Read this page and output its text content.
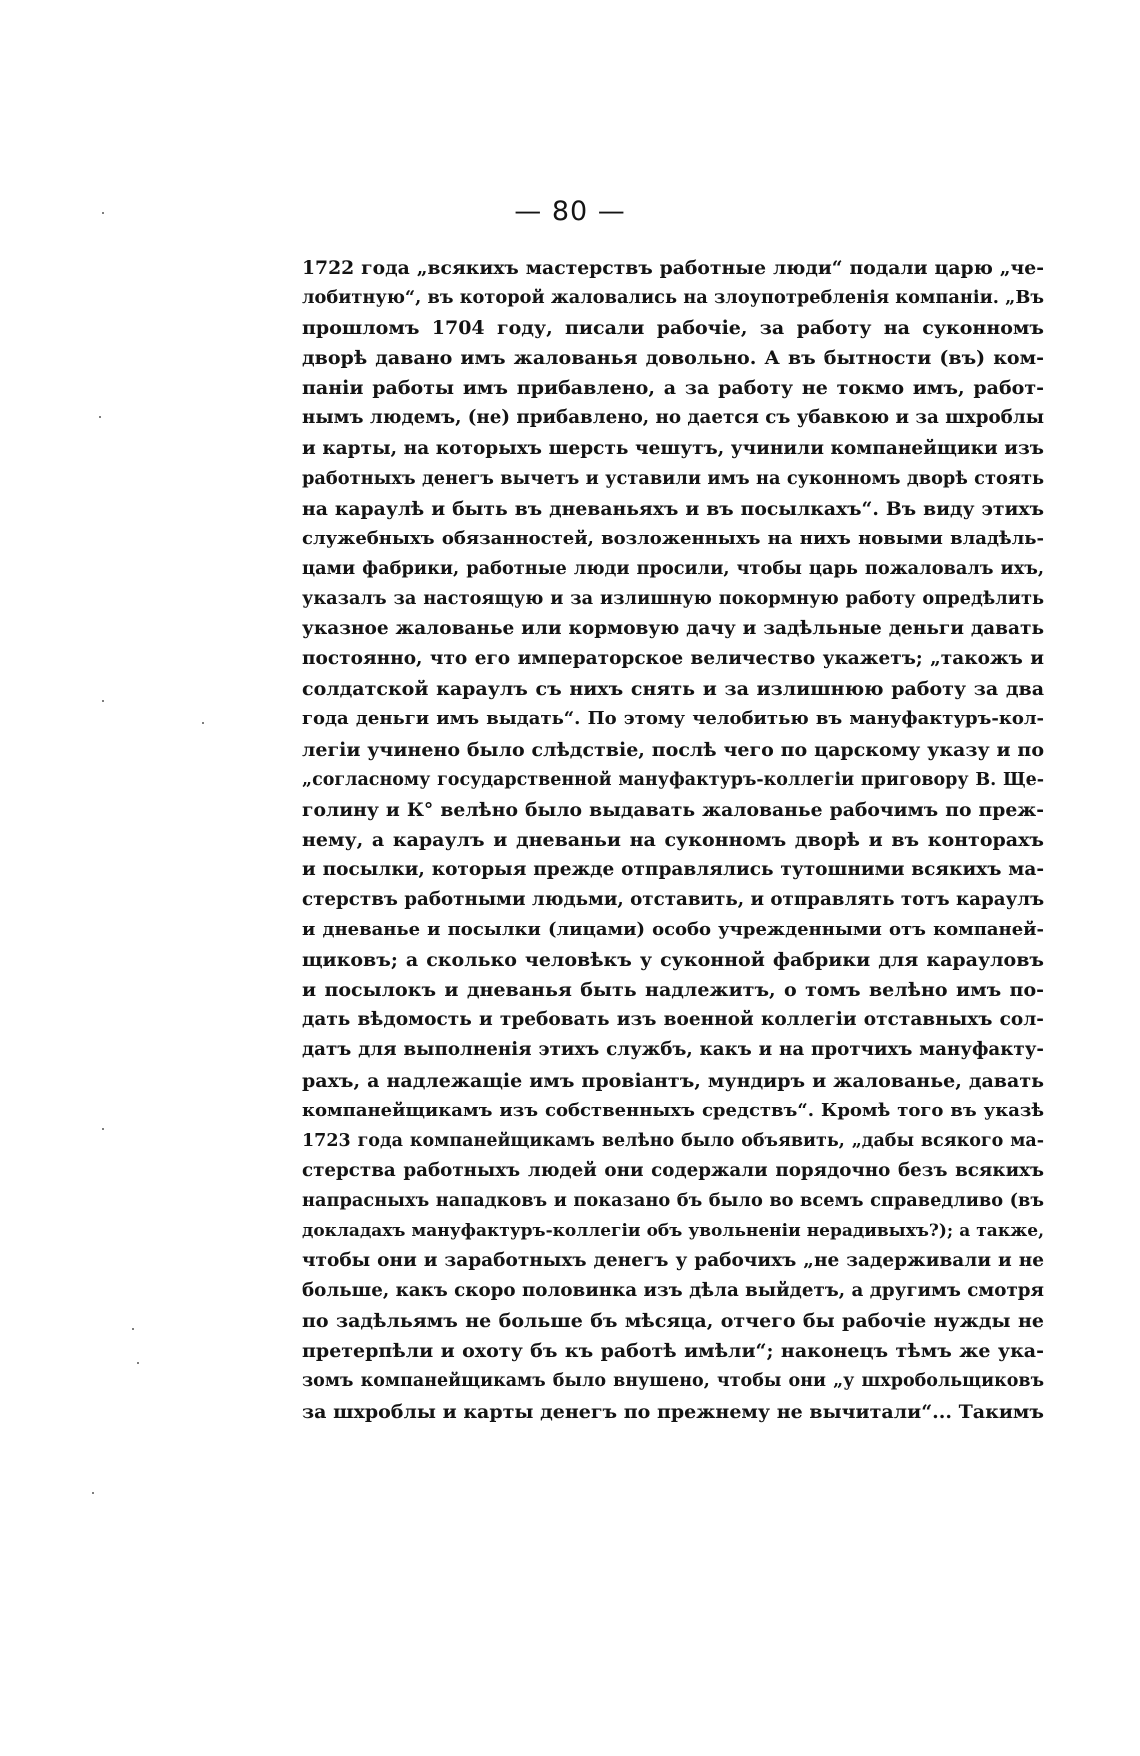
— 80 —
1722 года „всякихъ мастерствъ работные люди“ подали царю „че-
лобитную“, въ которой жаловались на злоупотребленія компаніи. „Въ
прошломъ 1704 году, писали рабочіе, за работу на суконномъ
дворѣ давано имъ жалованья довольно. А въ бытности (въ) ком-
паніи работы имъ прибавлено, а за работу не токмо имъ, работ-
нымъ людемъ, (не) прибавлено, но дается съ убавкою и за шхроблы
и карты, на которыхъ шерсть чешутъ, учинили компанейщики изъ
работныхъ денегъ вычетъ и уставили имъ на суконномъ дворѣ стоять
на караулѣ и быть въ дневаньяхъ и въ посылкахъ“. Въ виду этихъ
служебныхъ обязанностей, возложенныхъ на нихъ новыми владѣль-
цами фабрики, работные люди просили, чтобы царь пожаловалъ ихъ,
указалъ за настоящую и за излишную покормную работу опредѣлить
указное жалованье или кормовую дачу и задѣльные деньги давать
постоянно, что его императорское величество укажетъ; „такожъ и
солдатской караулъ съ нихъ снять и за излишнюю работу за два
года деньги имъ выдать“. По этому челобитью въ мануфактуръ-кол-
легіи учинено было слѣдствіе, послѣ чего по царскому указу и по
„согласному государственной мануфактуръ-коллегіи приговору В. Ще-
голину и К° велѣно было выдавать жалованье рабочимъ по преж-
нему, а караулъ и дневаньи на суконномъ дворѣ и въ конторахъ
и посылки, которыя прежде отправлялись тутошними всякихъ ма-
стерствъ работными людьми, отставить, и отправлять тотъ караулъ
и дневанье и посылки (лицами) особо учрежденными отъ компаней-
щиковъ; а сколько человѣкъ у суконной фабрики для карауловъ
и посылокъ и дневанья быть надлежитъ, о томъ велѣно имъ по-
дать вѣдомость и требовать изъ военной коллегіи отставныхъ сол-
датъ для выполненія этихъ службъ, какъ и на протчихъ мануфакту-
рахъ, а надлежащіе имъ провіантъ, мундиръ и жалованье, давать
компанейщикамъ изъ собственныхъ средствъ“. Кромѣ того въ указѣ
1723 года компанейщикамъ велѣно было объявить, „дабы всякого ма-
стерства работныхъ людей они содержали порядочно безъ всякихъ
напрасныхъ нападковъ и показано бъ было во всемъ справедливо (въ
докладахъ мануфактуръ-коллегіи объ увольненіи нерадивыхъ?); а также,
чтобы они и заработныхъ денегъ у рабочихъ „не задерживали и не
больше, какъ скоро половинка изъ дѣла выйдетъ, а другимъ смотря
по задѣльямъ не больше бъ мѣсяца, отчего бы рабочіе нужды не
претерпѣли и охоту бъ къ работѣ имѣли“; наконецъ тѣмъ же ука-
зомъ компанейщикамъ было внушено, чтобы они „у шхробольщиковъ
за шхроблы и карты денегъ по прежнему не вычитали“... Такимъ
